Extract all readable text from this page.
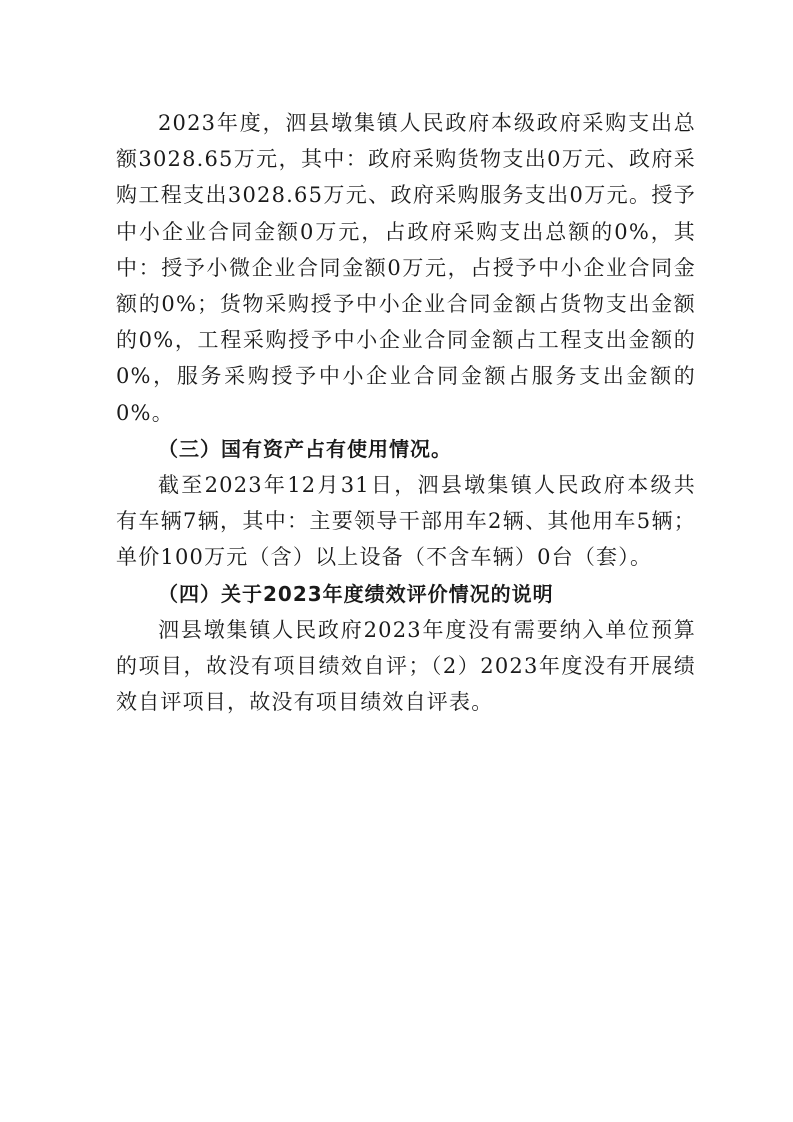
2023年度，泗县墩集镇人民政府本级政府采购支出总额3028.65万元，其中：政府采购货物支出0万元、政府采购工程支出3028.65万元、政府采购服务支出0万元。授予中小企业合同金额0万元，占政府采购支出总额的0%，其中：授予小微企业合同金额0万元，占授予中小企业合同金额的0%；货物采购授予中小企业合同金额占货物支出金额的0%，工程采购授予中小企业合同金额占工程支出金额的0%，服务采购授予中小企业合同金额占服务支出金额的0%。

（三）国有资产占有使用情况。

截至2023年12月31日，泗县墩集镇人民政府本级共有车辆7辆，其中：主要领导干部用车2辆、其他用车5辆；单价100万元（含）以上设备（不含车辆）0台（套）。

（四）关于2023年度绩效评价情况的说明

泗县墩集镇人民政府2023年度没有需要纳入单位预算的项目，故没有项目绩效自评；（2）2023年度没有开展绩效自评项目，故没有项目绩效自评表。
